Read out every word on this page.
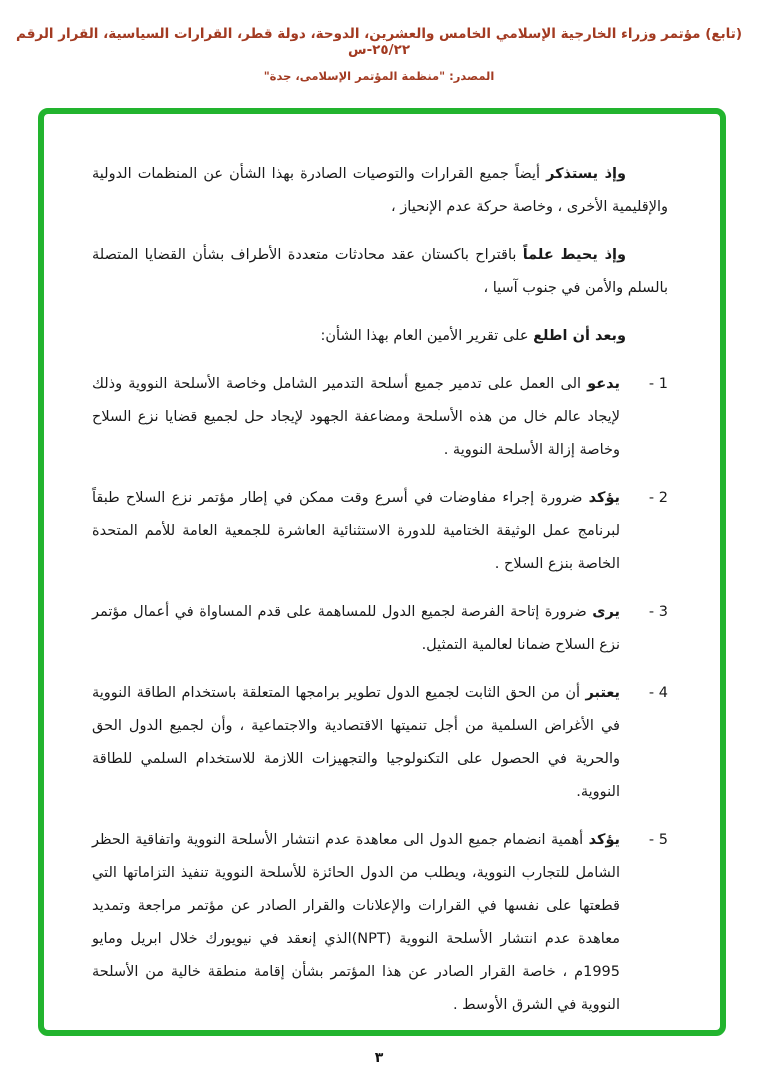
(تابع) مؤتمر وزراء الخارجية الإسلامي الخامس والعشرين، الدوحة، دولة قطر، القرارات السياسية، القرار الرقم ٢٥/٢٢-س
المصدر: "منظمة المؤتمر الإسلامى، جدة"

وإذ يستذكر أيضاً جميع القرارات والتوصيات الصادرة بهذا الشأن عن المنظمات الدولية والإقليمية الأخرى ، وخاصة حركة عدم الإنحياز ،

وإذ يحيط علماً باقتراح باكستان عقد محادثات متعددة الأطراف بشأن القضايا المتصلة بالسلم والأمن في جنوب آسيا ،

وبعد أن اطلع على تقرير الأمين العام بهذا الشأن:

1 -

يدعو الى العمل على تدمير جميع أسلحة التدمير الشامل وخاصة الأسلحة النووية وذلك لإيجاد عالم خال من هذه الأسلحة ومضاعفة الجهود لإيجاد حل لجميع قضايا نزع السلاح وخاصة إزالة الأسلحة النووية .

2 -

يؤكد ضرورة إجراء مفاوضات في أسرع وقت ممكن في إطار مؤتمر نزع السلاح طبقاً لبرنامج عمل الوثيقة الختامية للدورة الاستثنائية العاشرة للجمعية العامة للأمم المتحدة الخاصة بنزع السلاح .

3 -

يرى ضرورة إتاحة الفرصة لجميع الدول للمساهمة على قدم المساواة في أعمال مؤتمر نزع السلاح ضمانا لعالمية التمثيل.

4 -

يعتبر أن من الحق الثابت لجميع الدول تطوير برامجها المتعلقة باستخدام الطاقة النووية في الأغراض السلمية من أجل تنميتها الاقتصادية والاجتماعية ، وأن لجميع الدول الحق والحرية في الحصول على التكنولوجيا والتجهيزات اللازمة للاستخدام السلمي للطاقة النووية.

5 -

يؤكد أهمية انضمام جميع الدول الى معاهدة عدم انتشار الأسلحة النووية واتفاقية الحظر الشامل للتجارب النووية، ويطلب من الدول الحائزة للأسلحة النووية تنفيذ التزاماتها التي قطعتها على نفسها في القرارات والإعلانات والقرار الصادر عن مؤتمر مراجعة وتمديد معاهدة عدم انتشار الأسلحة النووية (NPT)الذي إنعقد في نيويورك خلال ابريل ومايو 1995م ، خاصة القرار الصادر عن هذا المؤتمر بشأن إقامة منطقة خالية من الأسلحة النووية في الشرق الأوسط .

٣
